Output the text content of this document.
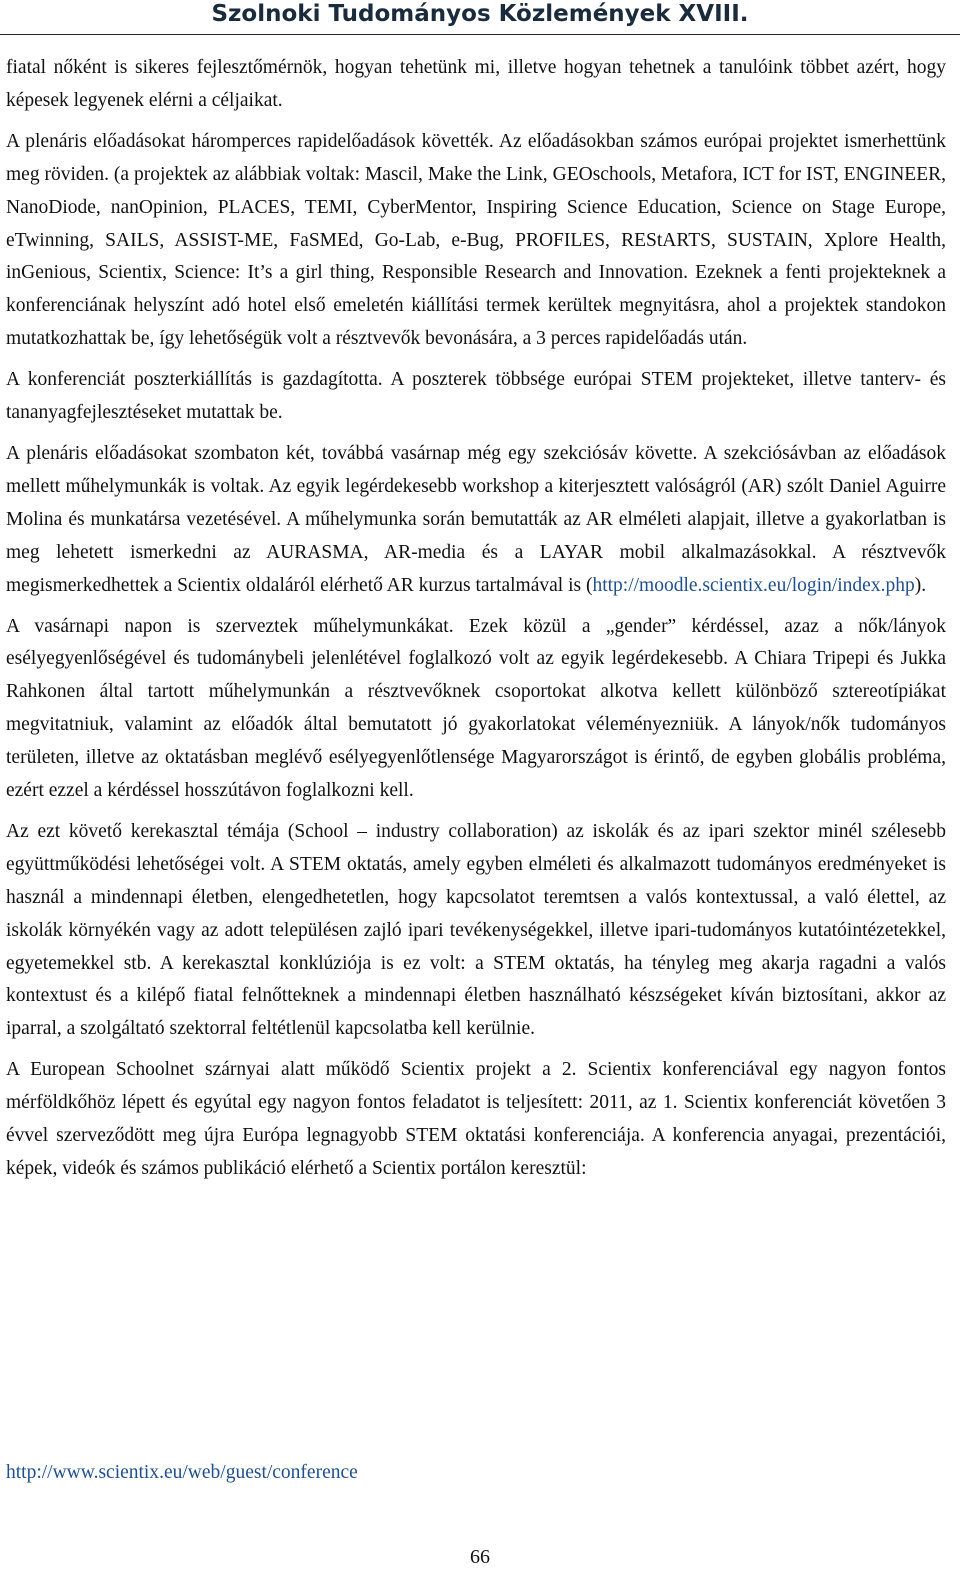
Szolnoki Tudományos Közlemények XVIII.

fiatal nőként is sikeres fejlesztőmérnök, hogyan tehetünk mi, illetve hogyan tehetnek a tanulóink többet azért, hogy képesek legyenek elérni a céljaikat.

A plenáris előadásokat háromperces rapidelőadások követték. Az előadásokban számos európai projektet ismerhettünk meg röviden. (a projektek az alábbiak voltak: Mascil, Make the Link, GEOschools, Metafora, ICT for IST, ENGINEER, NanoDiode, nanOpinion, PLACES, TEMI, CyberMentor, Inspiring Science Education, Science on Stage Europe, eTwinning, SAILS, ASSIST-ME, FaSMEd, Go-Lab, e-Bug, PROFILES, REStARTS, SUSTAIN, Xplore Health, inGenious, Scientix, Science: It’s a girl thing, Responsible Research and Innovation. Ezeknek a fenti projekteknek a konferenciának helyszínt adó hotel első emeletén kiállítási termek kerültek megnyitásra, ahol a projektek standokon mutatkozhattak be, így lehetőségük volt a résztvevők bevonására, a 3 perces rapidelőadás után.

A konferenciát poszterkiállítás is gazdagította. A poszterek többsége európai STEM projekteket, illetve tanterv- és tananyagfejlesztéseket mutattak be.

A plenáris előadásokat szombaton két, továbbá vasárnap még egy szekciósáv követte. A szekciósávban az előadások mellett műhelymunkák is voltak. Az egyik legérdekesebb workshop a kiterjesztett valóságról (AR) szólt Daniel Aguirre Molina és munkatársa vezetésével. A műhelymunka során bemutatták az AR elméleti alapjait, illetve a gyakorlatban is meg lehetett ismerkedni az AURASMA, AR-media és a LAYAR mobil alkalmazásokkal. A résztvevők megismerkedhettek a Scientix oldaláról elérhető AR kurzus tartalmával is (http://moodle.scientix.eu/login/index.php).

A vasárnapi napon is szerveztek műhelymunkákat. Ezek közül a „gender” kérdéssel, azaz a nők/lányok esélyegyenlőségével és tudománybeli jelenlétével foglalkozó volt az egyik legérdekesebb. A Chiara Tripepi és Jukka Rahkonen által tartott műhelymunkán a résztvevőknek csoportokat alkotva kellett különböző sztereotípiákat megvitatniuk, valamint az előadók által bemutatott jó gyakorlatokat véleményezniük. A lányok/nők tudományos területen, illetve az oktatásban meglévő esélyegyenlőtlensége Magyarországot is érintő, de egyben globális probléma, ezért ezzel a kérdéssel hosszútávon foglalkozni kell.

Az ezt követő kerekasztal témája (School – industry collaboration) az iskolák és az ipari szektor minél szélesebb együttműködési lehetőségei volt. A STEM oktatás, amely egyben elméleti és alkalmazott tudományos eredményeket is használ a mindennapi életben, elengedhetetlen, hogy kapcsolatot teremtsen a valós kontextussal, a való élettel, az iskolák környékén vagy az adott településen zajló ipari tevékenységekkel, illetve ipari-tudományos kutatóintézetekkel, egyetemekkel stb. A kerekasztal konklúziója is ez volt: a STEM oktatás, ha tényleg meg akarja ragadni a valós kontextust és a kilépő fiatal felnőtteknek a mindennapi életben használható készségeket kíván biztosítani, akkor az iparral, a szolgáltató szektorral feltétlenül kapcsolatba kell kerülnie.

A European Schoolnet szárnyai alatt működő Scientix projekt a 2. Scientix konferenciával egy nagyon fontos mérföldkőhöz lépett és egyútal egy nagyon fontos feladatot is teljesített: 2011, az 1. Scientix konferenciát követően 3 évvel szerveződött meg újra Európa legnagyobb STEM oktatási konferenciája. A konferencia anyagai, prezentációi, képek, videók és számos publikáció elérhető a Scientix portálon keresztül:

http://www.scientix.eu/web/guest/conference
66
